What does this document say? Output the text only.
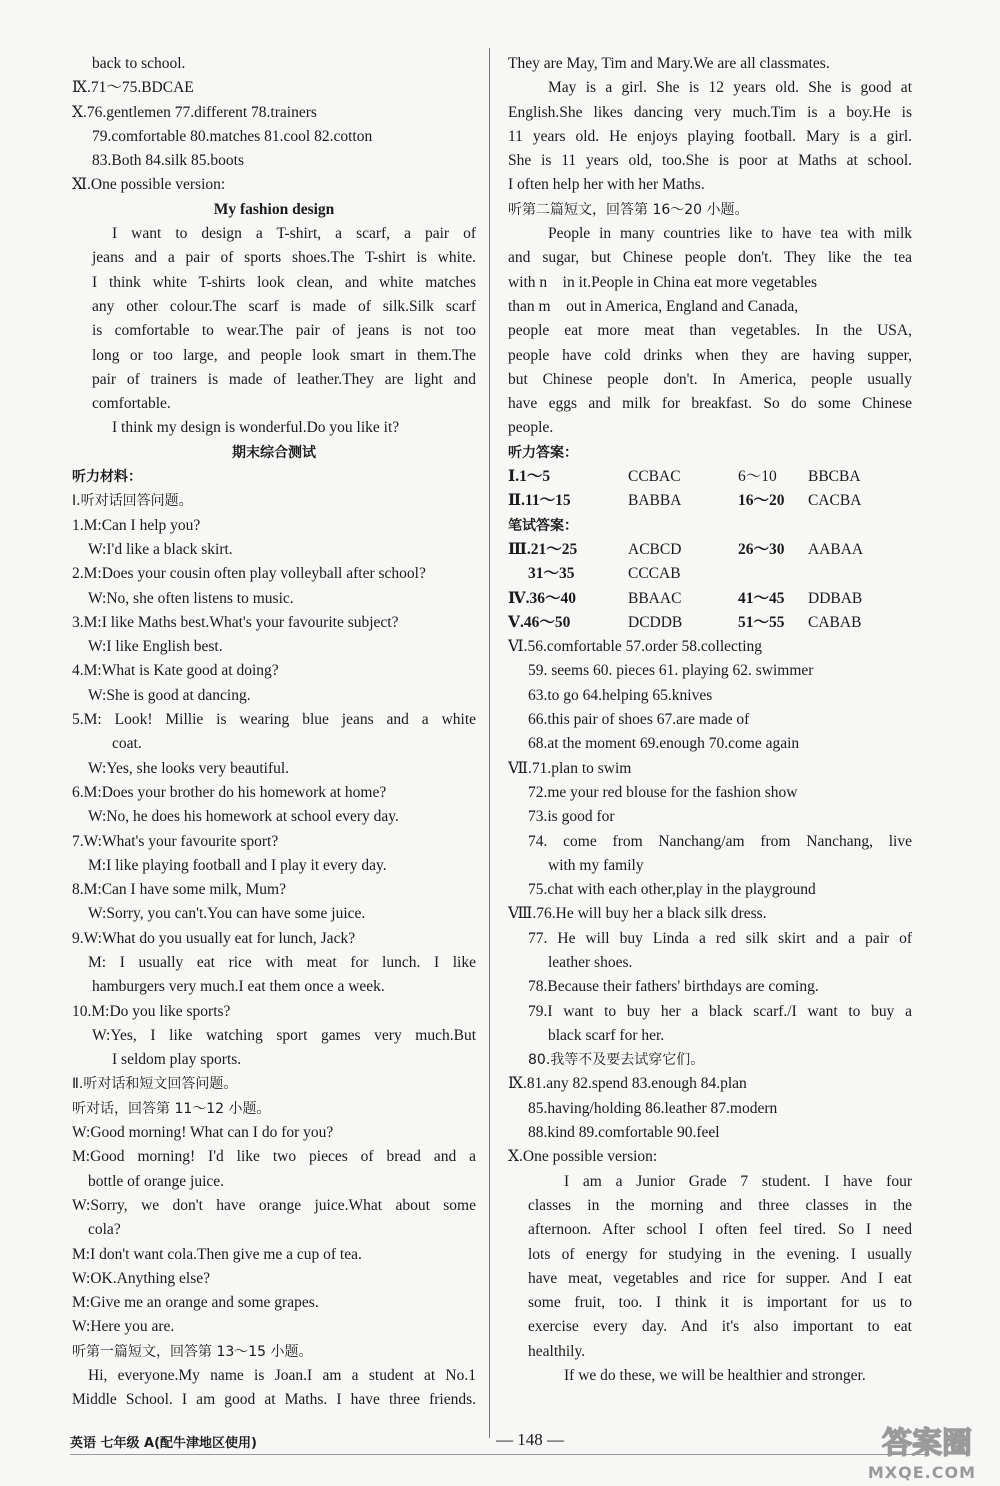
back to school.
Ⅸ.71～75.BDCAE
Ⅹ.76.gentlemen 77.different 78.trainers
79.comfortable 80.matches 81.cool 82.cotton
83.Both 84.silk 85.boots
Ⅺ.One possible version:
My fashion design
I want to design a T-shirt, a scarf, a pair of
jeans and a pair of sports shoes.The T-shirt is white.
I think white T-shirts look clean, and white matches
any other colour.The scarf is made of silk.Silk scarf
is comfortable to wear.The pair of jeans is not too
long or too large, and people look smart in them.The
pair of trainers is made of leather.They are light and
comfortable.
I think my design is wonderful.Do you like it?
期末综合测试
听力材料：
Ⅰ.听对话回答问题。
1.M:Can I help you?
W:I'd like a black skirt.
2.M:Does your cousin often play volleyball after school?
W:No, she often listens to music.
3.M:I like Maths best.What's your favourite subject?
W:I like English best.
4.M:What is Kate good at doing?
W:She is good at dancing.
5.M: Look! Millie is wearing blue jeans and a white
coat.
W:Yes, she looks very beautiful.
6.M:Does your brother do his homework at home?
W:No, he does his homework at school every day.
7.W:What's your favourite sport?
M:I like playing football and I play it every day.
8.M:Can I have some milk, Mum?
W:Sorry, you can't.You can have some juice.
9.W:What do you usually eat for lunch, Jack?
M: I usually eat rice with meat for lunch. I like
hamburgers very much.I eat them once a week.
10.M:Do you like sports?
W:Yes, I like watching sport games very much.But
I seldom play sports.
Ⅱ.听对话和短文回答问题。
听对话，回答第 11～12 小题。
W:Good morning! What can I do for you?
M:Good morning! I'd like two pieces of bread and a
bottle of orange juice.
W:Sorry, we don't have orange juice.What about some
cola?
M:I don't want cola.Then give me a cup of tea.
W:OK.Anything else?
M:Give me an orange and some grapes.
W:Here you are.
听第一篇短文，回答第 13～15 小题。
Hi, everyone.My name is Joan.I am a student at No.1
Middle School. I am good at Maths. I have three friends.
They are May, Tim and Mary.We are all classmates.
May is a girl. She is 12 years old. She is good at
English.She likes dancing very much.Tim is a boy.He is
11 years old. He enjoys playing football. Mary is a girl.
She is 11 years old, too.She is poor at Maths at school.
I often help her with her Maths.
听第二篇短文，回答第 16～20 小题。
People in many countries like to have tea with milk
and sugar, but Chinese people don't. They like the tea
with n    in it.People in China eat more vegetables
than m    out in America, England and Canada,
people eat more meat than vegetables. In the USA,
people have cold drinks when they are having supper,
but Chinese people don't. In America, people usually
have eggs and milk for breakfast. So do some Chinese
people.
听力答案：
Ⅰ.1～5	CCBAC	6～10 BBCBA
Ⅱ.11～15	BABBA	16～20 CACBA
笔试答案：
Ⅲ.21～25	ACBCD	26～30 AABAA
31～35	CCCAB
Ⅳ.36～40	BBAAC	41～45 DDBAB
Ⅴ.46～50	DCDDB	51～55 CABAB
Ⅵ.56.comfortable 57.order 58.collecting
59. seems 60. pieces 61. playing 62. swimmer
63.to go 64.helping 65.knives
66.this pair of shoes 67.are made of
68.at the moment 69.enough 70.come again
Ⅶ.71.plan to swim
72.me your red blouse for the fashion show
73.is good for
74. come from Nanchang/am from Nanchang, live
with my family
75.chat with each other,play in the playground
Ⅷ.76.He will buy her a black silk dress.
77. He will buy Linda a red silk skirt and a pair of
leather shoes.
78.Because their fathers' birthdays are coming.
79.I want to buy her a black scarf./I want to buy a
black scarf for her.
80.我等不及要去试穿它们。
Ⅸ.81.any 82.spend 83.enough 84.plan
85.having/holding 86.leather 87.modern
88.kind 89.comfortable 90.feel
Ⅹ.One possible version:
I am a Junior Grade 7 student. I have four
classes in the morning and three classes in the
afternoon. After school I often feel tired. So I need
lots of energy for studying in the evening. I usually
have meat, vegetables and rice for supper. And I eat
some fruit, too. I think it is important for us to
exercise every day. And it's also important to eat
healthily.
If we do these, we will be healthier and stronger.
英语 七年级 A(配牛津地区使用)	— 148 —	答案圈
MXQE.COM
